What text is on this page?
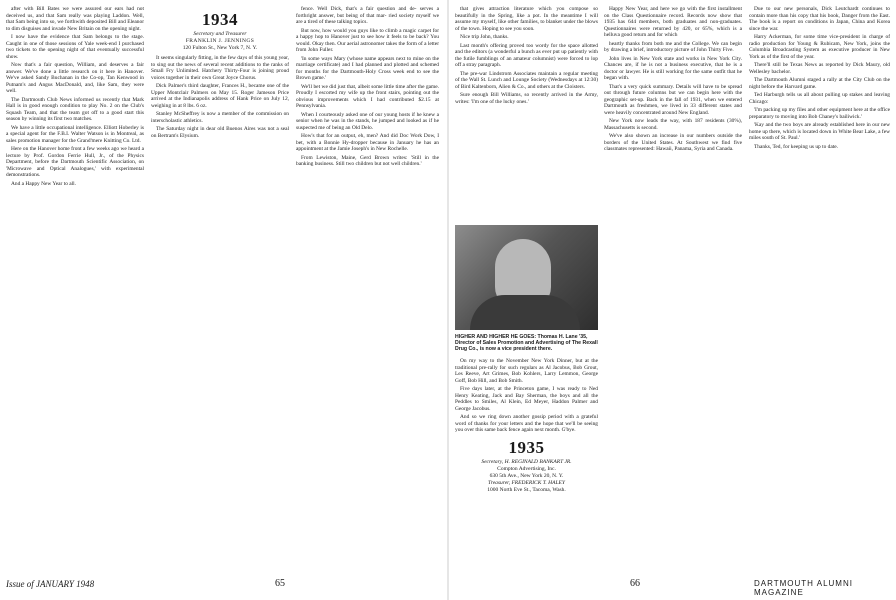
after with Bill Bates we were assured our ears had not deceived us, and that Sam really was playing Laddon. Well, that Sam being into so, we forthwith deposited Bill and Eleanor to dim disguises and invade New Britain on the opening night.

I now have the evidence that Sam belongs to the stage. Caught in one of those sessions of Yale week-end I purchased two tickets to the opening night of that eventually successful show.

Now that's a fair question, William, and deserves a fair answer. We've done a little research on it here in Hanover. We've asked Sandy Buchanan in the Co-op, Tan Kenwood in Putnam's and Angus MacDonald, and, like Sam, they were well.

The Dartmouth Club News informed us recently that Mark Hall is in good enough condition to play No. 2 on the Club's Squash Team, and that the team got off to a good start this season by winning its first two matches.

We have a little occupational intelligence. Elliott Hoberley is a special agent for the F.B.I. Walter Watson is in Montreal, as sales promotion manager for the Grand'mere Knitting Co. Ltd.

Here on the Hanover home front a few weeks ago we heard a lecture by Prof. Gordon Ferrie Hull, Jr., of the Physics Department, before the Dartmouth Scientific Association, on 'Microwave and Optical Analogues,' with experimental demonstrations.

And a Happy New Year to all.

1934
Secretary and Treasurer
FRANKLIN J. JENNINGS
120 Fulton St., New York 7, N. Y.

It seems singularly fitting, in the few days of this young year, to sing out the news of several recent additions to the ranks of Small Fry Unlimited. Hatchery Thirty-Four is joining proud voices together in their own Great Joyce Chorus.

Dick Palmer's third daughter, Frances H., became one of the Upper Montclair Palmers on May 15. Roger Jameson Price arrived at the Indianapolis address of Hank Price on July 12, weighing in at 8 lbs. 6 oz.

Stanley McSheffrey is now a member of the commission on interscholastic athletics.

The Saturday night in dear old Buenos Aires was not a seal on Bertram's Elysium.

fence. Well Dick, that's a fair question and de- serves a forthright answer, but being of that mar- ried society myself we are a tired of these talking topics.

But now, how would you guys like to climb a magic carpet for a happy hop to Hanover just to see how it feels to be back? You would. Okay then. Our aerial astronomer takes the form of a letter from John Fuller.

'In some ways Mary (whose name appears next to mine on the marriage certificate) and I had planned and plotted and schemed for months for the Dartmouth-Holy Cross week end to see the Brown game.'

We'll bet we did just that, albeit some little time after the game. Proudly I escorted my wife up the front stairs, pointing out the obvious improvements which I had contributed $2.15 at Pennsylvania.

When I courteously asked one of our young hosts if he knew a senior when he was in the stands, he jumped and looked as if he suspected me of being an Old Delo.

How's that for an output, eh, men? And did Doc Work Dow, I bet, with a Bonnie Hy-dropper because in January he has an appointment at the Jamie Joseph's in New Rochelle.

From Lewiston, Maine, Gerd Brown writes: 'Still in the banking business. Still two children but not well children.'

Issue of JANUARY 1948	65

that gives attraction literature which you compose so beautifully in the Spring, like a pot. In the meantime I will assume my myself, like other families, to blanket under the blows of the town. Hoping to see you soon.

Nice trip John, thanks.

Last month's offering proved too wordy for the space allotted and the editors (a wonderful a bunch as ever put up patiently with the futile fumblings of an amateur columnist) were forced to lop off a stray paragraph.

The pre-war Lindstrom Associates maintain a regular meeting of the Wall St. Lunch and Lounge Society (Wednesdays at 12:30) of Bird Kaltenborn, Alien & Co., and others at the Cloisters.

Sure enough Bill Williams, so recently arrived in the Army, writes: 'I'm one of the lucky ones.'

HIGHER AND HIGHER HE GOES: Thomas H. Lane '35, Director of Sales Promotion and Advertising of The Rexall Drug Co., is now a vice president there.

On my way to the November New York Dinner, but at the traditional pre-rally for such regulars as Al Jacobus, Bob Grout, Les Reeve, Art Grimes, Bob Kohlers, Larry Lemmon, George Goff, Bob Hill, and Bob Smith.

Five days later, at the Princeton game, I was ready to Ned Henry Keating, Jack and Bay Sherman, the boys and all the Peddles to Smiles, Al Klein, Ed Meyer, Haddon Palmer and George Jacobus.

And so we ring down another gossip period with a grateful word of thanks for your letters and the hope that we'll be seeing you over this same back fence again next month. G'bye.

1935
Secretary, H. REGINALD BANKART JR.
Compton Advertising, Inc.
630 5th Ave., New York 20, N. Y.
Treasurer, FREDERICK T. HALEY
1000 North Eve St., Tacoma, Wash.

Happy New Year, and here we go with the first installment on the Class Questionnaire record. Records now show that 1935 has 644 members, both graduates and non-graduates. Questionnaires were returned by 420, or 65%, which is a helluva good return and for which

heartly thanks from both me and the College. We can begin by drawing a brief, introductory picture of John Thirty Five.

John lives in New York state and works in New York City. Chances are, if he is not a business executive, that he is a doctor or lawyer. He is still working for the same outfit that he began with.

That's a very quick summary. Details will have to be spread out through future columns but we can begin here with the geographic set-up. Back in the fall of 1931, when we entered Dartmouth as freshmen, we lived in 33 different states and were heavily concentrated around New England.

New York now leads the way, with 187 residents (30%), Massachusetts is second.

We've also shown an increase in our numbers outside the borders of the United States. At Southwest we find five classmates represented: Hawaii, Panama, Syria and Canada.

Due to our new personals, Dick Leutchardt continues to contain more than his copy that his book, Danger from the East. The book is a report on conditions in Japan, China and Korea since the war.

Harry Ackerman, for some time vice-president in charge of radio production for Young & Rubicam, New York, joins the Columbia Broadcasting System as executive producer in New York as of the first of the year.

There'll still be Texas News as reported by Dick Maury, old Wellesley bachelor.

The Dartmouth Alumni staged a rally at the City Club on the night before the Harvard game.

Ted Harburgh tells us all about pulling up stakes and leaving Chicago:

'I'm packing up my files and other equipment here at the office preparatory to moving into Bob Chaney's bailiwick.'

'Kay and the two boys are already established here in our new home up there, which is located down in White Bear Lake, a few miles south of St. Paul.'

Thanks, Ted, for keeping us up to date.

66	DARTMOUTH ALUMNI MAGAZINE
